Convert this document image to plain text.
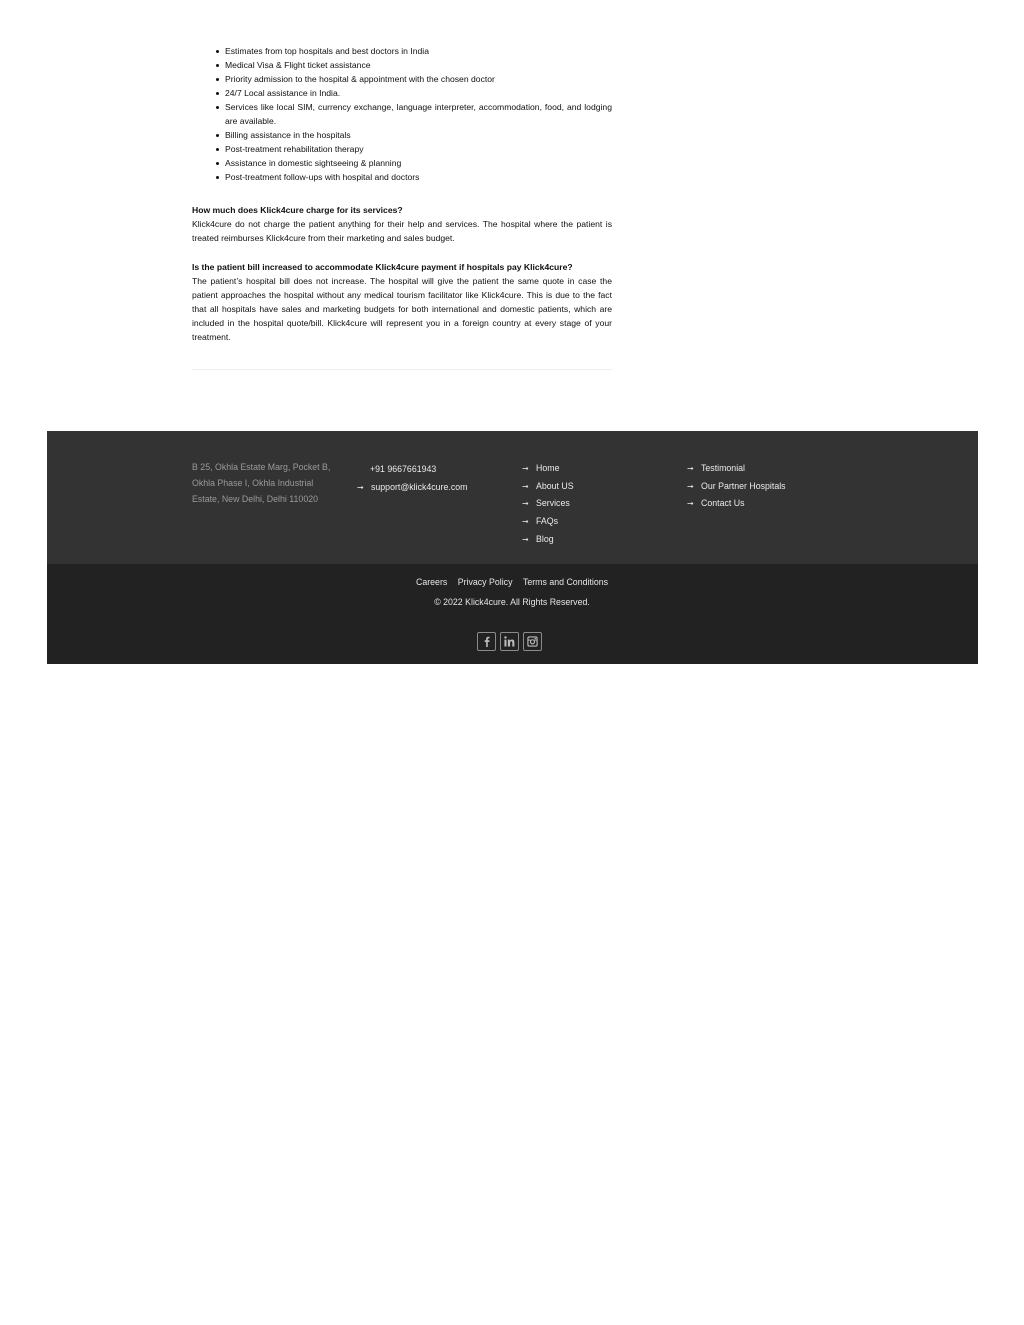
Estimates from top hospitals and best doctors in India
Medical Visa & Flight ticket assistance
Priority admission to the hospital & appointment with the chosen doctor
24/7 Local assistance in India.
Services like local SIM, currency exchange, language interpreter, accommodation, food, and lodging are available.
Billing assistance in the hospitals
Post-treatment rehabilitation therapy
Assistance in domestic sightseeing & planning
Post-treatment follow-ups with hospital and doctors

How much does Klick4cure charge for its services?

Klick4cure do not charge the patient anything for their help and services. The hospital where the patient is treated reimburses Klick4cure from their marketing and sales budget.

Is the patient bill increased to accommodate Klick4cure payment if hospitals pay Klick4cure?

The patient’s hospital bill does not increase. The hospital will give the patient the same quote in case the patient approaches the hospital without any medical tourism facilitator like Klick4cure. This is due to the fact that all hospitals have sales and marketing budgets for both international and domestic patients, which are included in the hospital quote/bill. Klick4cure will represent you in a foreign country at every stage of your treatment.

B 25, Okhla Estate Marg, Pocket B, Okhla Phase I, Okhla Industrial Estate, New Delhi, Delhi 110020
+91 9667661943
➞ support@klick4cure.com
➞ Home
➞ About US
➞ Services
➞ FAQs
➞ Blog
➞ Testimonial
➞ Our Partner Hospitals
➞ Contact Us
Careers Privacy Policy Terms and Conditions
© 2022 Klick4cure. All Rights Reserved.
